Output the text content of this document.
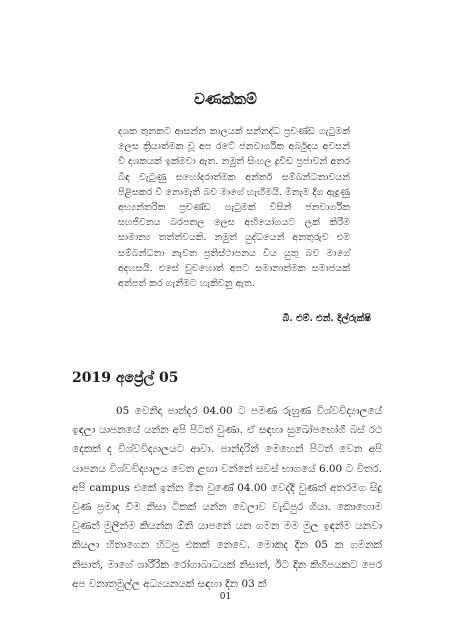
වණක්කම්
දශක තුනකට ආසන්න කාලයක් සන්නද්ධ ප්‍රචණ්ඩ ගැටුමක් ලෙස ක්‍රියාත්මක වූ අප රටේ ජනවාර්ගික අර්බුදය අවසන් වී දශකයක් ඉක්මවා ඇත. නමුත් සිංහල ද්‍රවිඩ ප්‍රජාවන් අතර බිඳ වැටුණු සහෝදරාත්මක අන්තර් සම්බන්ධතාවයන් පිළිසකර වී නොමැති බව මාගේ හැඟීමයි. මිනැම දිග ඇදුණු අභ්‍යන්තරික ප්‍රචණ්ඩ ගැටුමක් විසින් ජනවාර්ගික සහජීවනය බරපතල ලෙස අභියෝගයට ලක් කිරීම සාමාන්‍ය තත්ත්වයකි. නමුත් යුද්ධයෙන් අනතුරුව එම සම්බන්ධතා නැවත ප්‍රතිස්ථාපනය විය යුතු බව මාගේ අදහසයි. එසේ වුවහොත් අපට සමානාත්මක සමාජයක් අත්පත් කර ගැනීමට හැකිවනු ඇත.
බී. එම්. එන්. දිල්රුක්ෂි
2019 අප්‍රේල් 05
05 වෙනිදා පාන්දර 04.00 ට පමණ රුහුණ විශ්වවිද්‍යාලයේ ඉඳලා යාපනයේ යන්න අපි පිටත් වුණා. ඒ සඳහා සුඛෝපභෝගී බස් රථ දෙකක් ද විශ්වවිද්‍යාලයට ආවා. පාන්දරින් මෙහෙන් පිටත් වෙන අපි යාපනය විශ්වවිද්‍යාලය වෙත ළඟා වන්නේ සවස් භාගයේ 6.00 ට විතර. අපි campus එකේ ඉන්න මින වුණේ 04.00 වෙද්දි වුණත් අතරමග සිදු වුණ ප්‍රමාද වීම නිසා ටිකක් යන්න වෙලාව වැඩිපුර ගියා. කොහොම වුණත් මුලින්ම කියන්න ඕනි යාපනේ යන ගමන මම මුල ඉඳන්ම යනවා කියලා හිතාගෙන හිටපු එකක් නෙවෙ. මොකද දින 05 ක ගමනක් නිසාත්, මාගේ ශාරීරික රෝගාබාධයක් නිසාත්, ඊට දින කිහිපයකට පෙර අප වනාතමුල්ල අධ්‍යයනයක් සඳහා දින 03 ක්
01
